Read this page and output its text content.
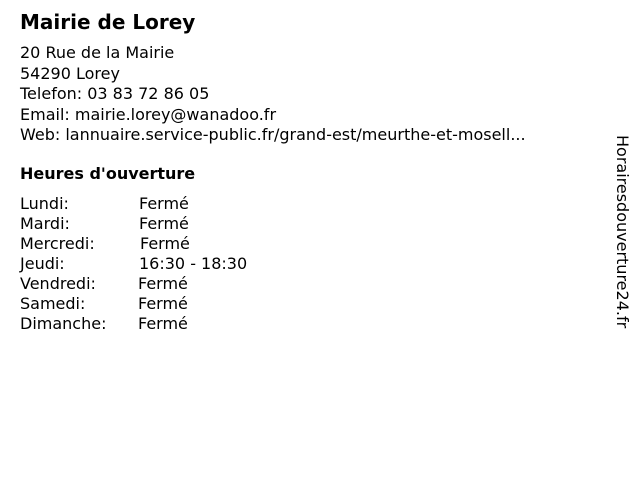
Mairie de Lorey
20 Rue de la Mairie
54290 Lorey
Telefon: 03 83 72 86 05
Email: mairie.lorey@wanadoo.fr
Web: lannuaire.service-public.fr/grand-est/meurthe-et-mosell...
Heures d'ouverture
Lundi:	Fermé
Mardi:	Fermé
Mercredi:	Fermé
Jeudi:	16:30 - 18:30
Vendredi:	Fermé
Samedi:	Fermé
Dimanche: Fermé	Horairesdouverture24.fr
